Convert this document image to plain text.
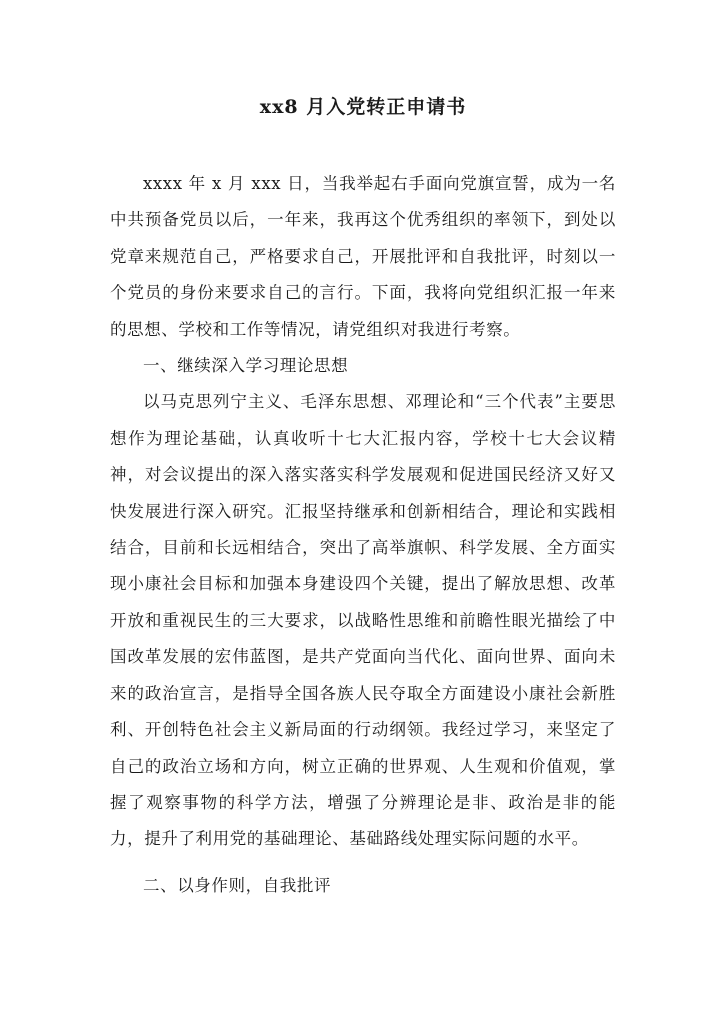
xx8 月入党转正申请书

xxxx 年 x 月 xxx 日，当我举起右手面向党旗宣誓，成为一名中共预备党员以后，一年来，我再这个优秀组织的率领下，到处以党章来规范自己，严格要求自己，开展批评和自我批评，时刻以一个党员的身份来要求自己的言行。下面，我将向党组织汇报一年来的思想、学校和工作等情况，请党组织对我进行考察。

一、继续深入学习理论思想

以马克思列宁主义、毛泽东思想、邓理论和“三个代表”主要思想作为理论基础，认真收听十七大汇报内容，学校十七大会议精神，对会议提出的深入落实落实科学发展观和促进国民经济又好又快发展进行深入研究。汇报坚持继承和创新相结合，理论和实践相结合，目前和长远相结合，突出了高举旗帜、科学发展、全方面实现小康社会目标和加强本身建设四个关键，提出了解放思想、改革开放和重视民生的三大要求，以战略性思维和前瞻性眼光描绘了中国改革发展的宏伟蓝图，是共产党面向当代化、面向世界、面向未来的政治宣言，是指导全国各族人民夺取全方面建设小康社会新胜利、开创特色社会主义新局面的行动纲领。我经过学习，来坚定了自己的政治立场和方向，树立正确的世界观、人生观和价值观，掌握了观察事物的科学方法，增强了分辨理论是非、政治是非的能力，提升了利用党的基础理论、基础路线处理实际问题的水平。

二、以身作则，自我批评
